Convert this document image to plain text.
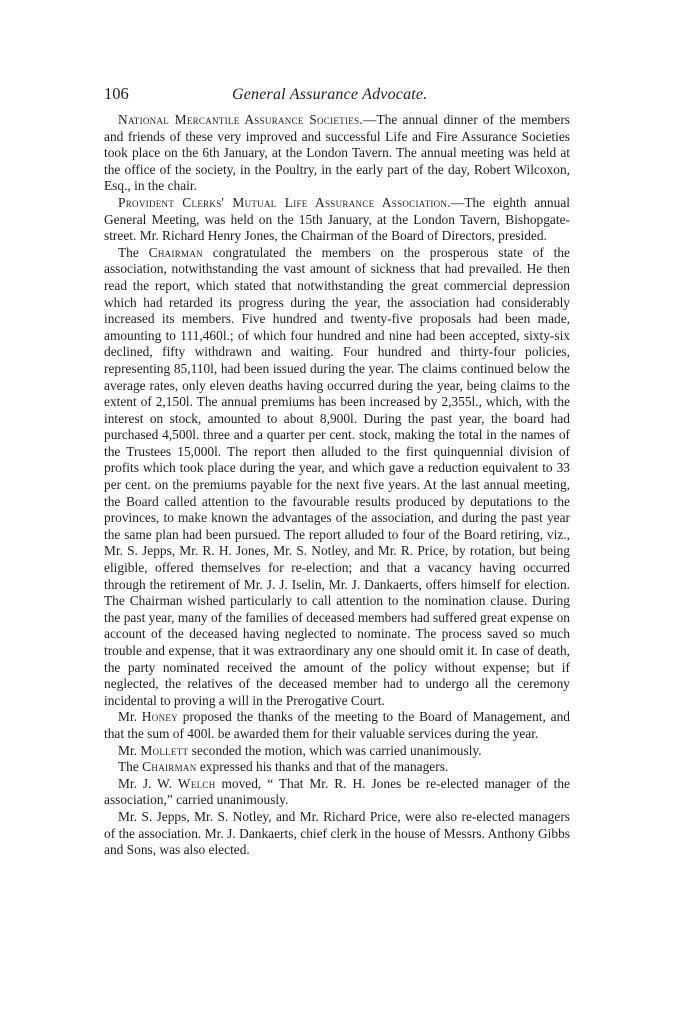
106	General Assurance Advocate.

National Mercantile Assurance Societies.—The annual dinner of the members and friends of these very improved and successful Life and Fire Assurance Societies took place on the 6th January, at the London Tavern. The annual meeting was held at the office of the society, in the Poultry, in the early part of the day, Robert Wilcoxon, Esq., in the chair.

Provident Clerks' Mutual Life Assurance Association.—The eighth annual General Meeting, was held on the 15th January, at the London Tavern, Bishopgate-street. Mr. Richard Henry Jones, the Chairman of the Board of Directors, presided.

The Chairman congratulated the members on the prosperous state of the association, notwithstanding the vast amount of sickness that had prevailed. He then read the report, which stated that notwithstanding the great commercial depression which had retarded its progress during the year, the association had considerably increased its members. Five hundred and twenty-five proposals had been made, amounting to 111,460l.; of which four hundred and nine had been accepted, sixty-six declined, fifty withdrawn and waiting. Four hundred and thirty-four policies, representing 85,110l, had been issued during the year. The claims continued below the average rates, only eleven deaths having occurred during the year, being claims to the extent of 2,150l. The annual premiums has been increased by 2,355l., which, with the interest on stock, amounted to about 8,900l. During the past year, the board had purchased 4,500l. three and a quarter per cent. stock, making the total in the names of the Trustees 15,000l. The report then alluded to the first quinquennial division of profits which took place during the year, and which gave a reduction equivalent to 33 per cent. on the premiums payable for the next five years. At the last annual meeting, the Board called attention to the favourable results produced by deputations to the provinces, to make known the advantages of the association, and during the past year the same plan had been pursued. The report alluded to four of the Board retiring, viz., Mr. S. Jepps, Mr. R. H. Jones, Mr. S. Notley, and Mr. R. Price, by rotation, but being eligible, offered themselves for re-election; and that a vacancy having occurred through the retirement of Mr. J. J. Iselin, Mr. J. Dankaerts, offers himself for election. The Chairman wished particularly to call attention to the nomination clause. During the past year, many of the families of deceased members had suffered great expense on account of the deceased having neglected to nominate. The process saved so much trouble and expense, that it was extraordinary any one should omit it. In case of death, the party nominated received the amount of the policy without expense; but if neglected, the relatives of the deceased member had to undergo all the ceremony incidental to proving a will in the Prerogative Court.

Mr. Honey proposed the thanks of the meeting to the Board of Management, and that the sum of 400l. be awarded them for their valuable services during the year.

Mr. Mollett seconded the motion, which was carried unanimously.

The Chairman expressed his thanks and that of the managers.

Mr. J. W. Welch moved, “ That Mr. R. H. Jones be re-elected manager of the association,” carried unanimously.

Mr. S. Jepps, Mr. S. Notley, and Mr. Richard Price, were also re-elected managers of the association. Mr. J. Dankaerts, chief clerk in the house of Messrs. Anthony Gibbs and Sons, was also elected.
